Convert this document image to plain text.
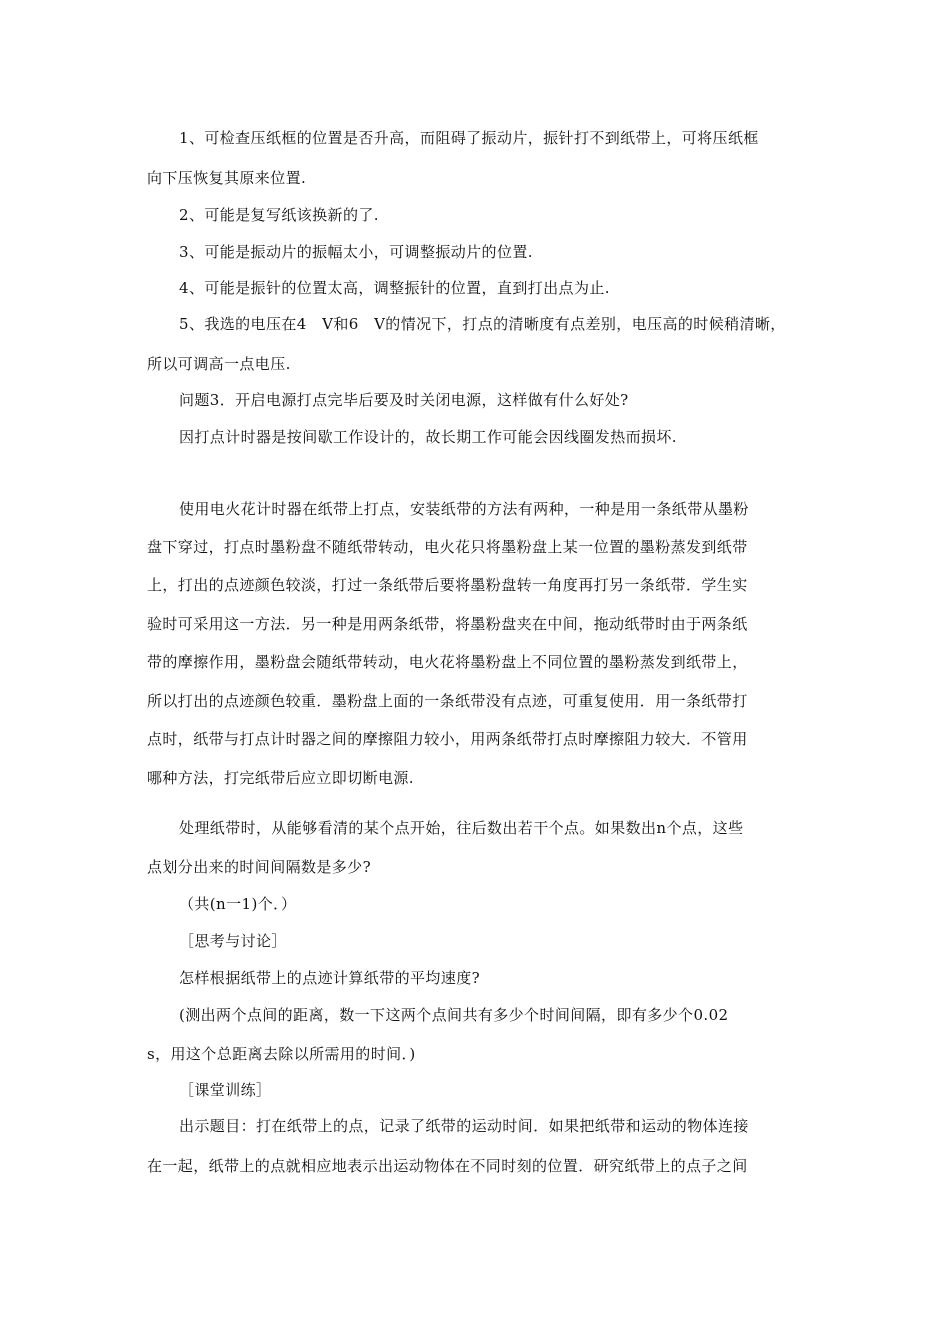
1、可检查压纸框的位置是否升高，而阻碍了振动片，振针打不到纸带上，可将压纸框
向下压恢复其原来位置.
2、可能是复写纸该换新的了.
3、可能是振动片的振幅太小，可调整振动片的位置.
4、可能是振针的位置太高，调整振针的位置，直到打出点为止.
5、我选的电压在4　V和6　V的情况下，打点的清晰度有点差别，电压高的时候稍清晰，
所以可调高一点电压.
问题3．开启电源打点完毕后要及时关闭电源，这样做有什么好处?
因打点计时器是按间歇工作设计的，故长期工作可能会因线圈发热而损坏.
使用电火花计时器在纸带上打点，安装纸带的方法有两种，一种是用一条纸带从墨粉
盘下穿过，打点时墨粉盘不随纸带转动，电火花只将墨粉盘上某一位置的墨粉蒸发到纸带
上，打出的点迹颜色较淡，打过一条纸带后要将墨粉盘转一角度再打另一条纸带．学生实
验时可采用这一方法．另一种是用两条纸带，将墨粉盘夹在中间，拖动纸带时由于两条纸
带的摩擦作用，墨粉盘会随纸带转动，电火花将墨粉盘上不同位置的墨粉蒸发到纸带上，
所以打出的点迹颜色较重．墨粉盘上面的一条纸带没有点迹，可重复使用．用一条纸带打
点时，纸带与打点计时器之间的摩擦阻力较小，用两条纸带打点时摩擦阻力较大．不管用
哪种方法，打完纸带后应立即切断电源.
处理纸带时，从能够看清的某个点开始，往后数出若干个点。如果数出n个点，这些
点划分出来的时间间隔数是多少?
（共(n一1)个．）
［思考与讨论］
怎样根据纸带上的点迹计算纸带的平均速度?
(测出两个点间的距离，数一下这两个点间共有多少个时间间隔，即有多少个0.02
s，用这个总距离去除以所需用的时间．)
［课堂训练］
出示题目：打在纸带上的点，记录了纸带的运动时间．如果把纸带和运动的物体连接
在一起，纸带上的点就相应地表示出运动物体在不同时刻的位置．研究纸带上的点子之间
